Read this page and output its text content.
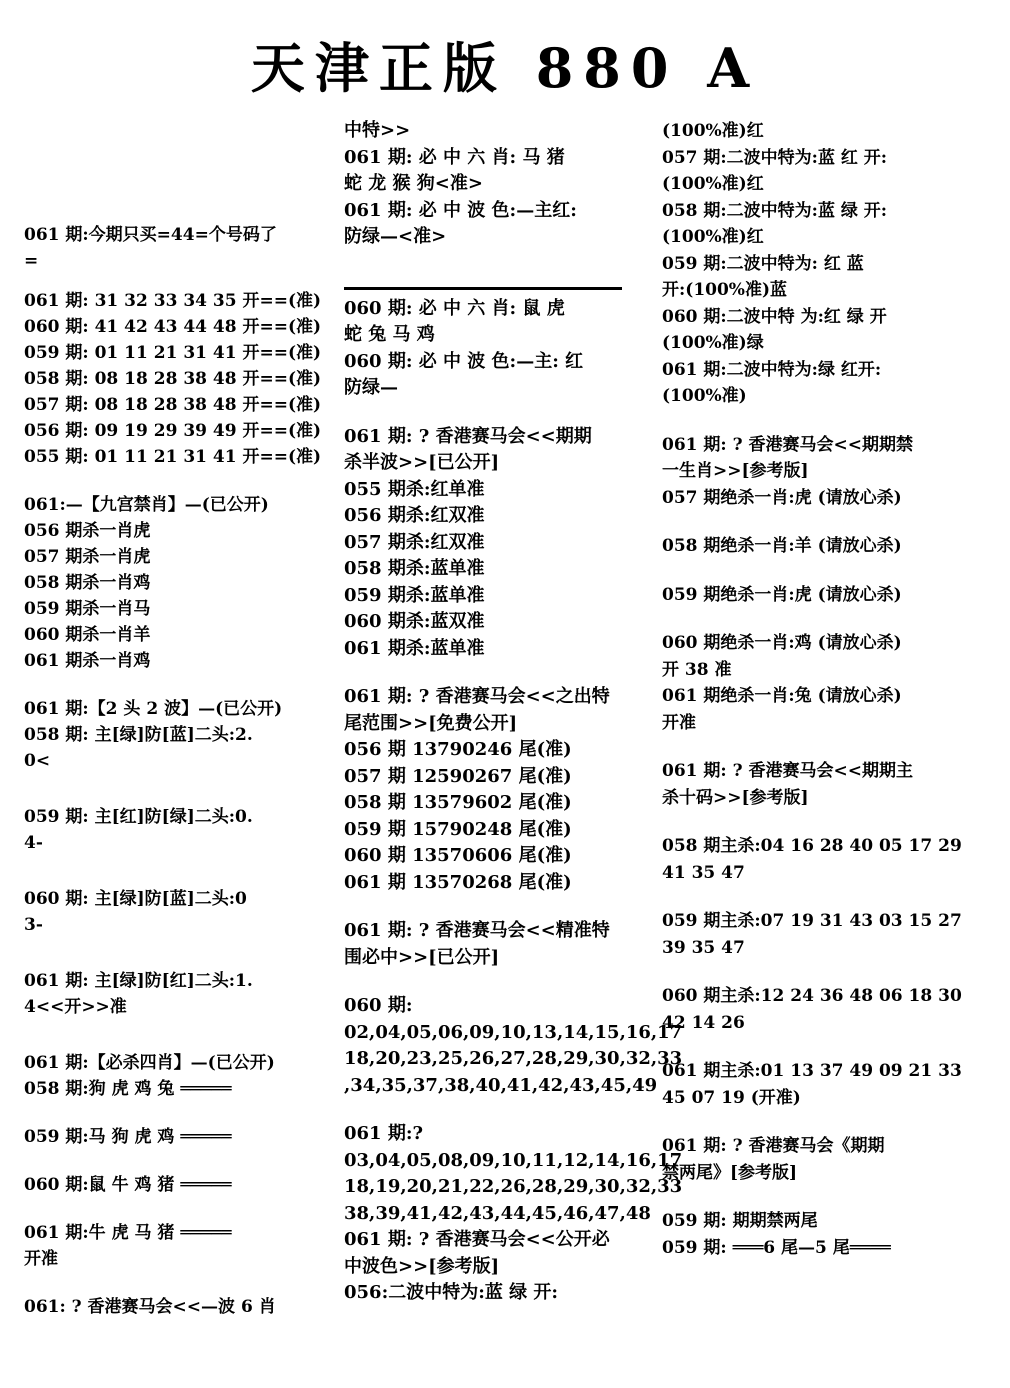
天津正版 880 A
061 期:今期只买=44=个号码了
=
061 期: 31 32 33 34 35 开==(准)
060 期: 41 42 43 44 48 开==(准)
059 期: 01 11 21 31 41 开==(准)
058 期: 08 18 28 38 48 开==(准)
057 期: 08 18 28 38 48 开==(准)
056 期: 09 19 29 39 49 开==(准)
055 期: 01 11 21 31 41 开==(准)
061:—【九宫禁肖】—(已公开)
056 期杀一肖虎
057 期杀一肖虎
058 期杀一肖鸡
059 期杀一肖马
060 期杀一肖羊
061 期杀一肖鸡
061 期:【2 头 2 波】—(已公开)
058 期: 主[绿]防[蓝]二头:2.
0<
059 期: 主[红]防[绿]二头:0.
4-
060 期: 主[绿]防[蓝]二头:0
3-
061 期: 主[绿]防[红]二头:1.
4<<开>>准
061 期:【必杀四肖】—(已公开)
058 期:狗 虎 鸡 兔 ═════
059 期:马 狗 虎 鸡 ═════
060 期:鼠 牛 鸡 猪 ═════
061 期:牛 虎 马 猪 ═════
开准
061: ? 香港赛马会<<—波 6 肖
中特>>
061 期: 必 中 六 肖: 马 猪
蛇 龙 猴 狗<准>
061 期: 必 中 波 色:—主红:
防绿—<准>
060 期: 必 中 六 肖: 鼠 虎
蛇 兔 马 鸡
060 期: 必 中 波 色:—主: 红
防绿—
061 期: ? 香港赛马会<<期期
杀半波>>[已公开]
055 期杀:红单准
056 期杀:红双准
057 期杀:红双准
058 期杀:蓝单准
059 期杀:蓝单准
060 期杀:蓝双准
061 期杀:蓝单准
061 期: ? 香港赛马会<<之出特
尾范围>>[免费公开]
056 期 13790246 尾(准)
057 期 12590267 尾(准)
058 期 13579602 尾(准)
059 期 15790248 尾(准)
060 期 13570606 尾(准)
061 期 13570268 尾(准)
061 期: ? 香港赛马会<<精准特
围必中>>[已公开]
060 期:
02,04,05,06,09,10,13,14,15,16,17
18,20,23,25,26,27,28,29,30,32,33
,34,35,37,38,40,41,42,43,45,49
061 期:?
03,04,05,08,09,10,11,12,14,16,17
18,19,20,21,22,26,28,29,30,32,33
38,39,41,42,43,44,45,46,47,48
061 期: ? 香港赛马会<<公开必
中波色>>[参考版]
056:二波中特为:蓝 绿 开:
(100%准)红
057 期:二波中特为:蓝 红 开:
(100%准)红
058 期:二波中特为:蓝 绿 开:
(100%准)红
059 期:二波中特为: 红 蓝
开:(100%准)蓝
060 期:二波中特 为:红 绿 开
(100%准)绿
061 期:二波中特为:绿 红开:
(100%准)
061 期: ? 香港赛马会<<期期禁
一生肖>>[参考版]
057 期绝杀一肖:虎 (请放心杀)
058 期绝杀一肖:羊 (请放心杀)
059 期绝杀一肖:虎 (请放心杀)
060 期绝杀一肖:鸡 (请放心杀)
开 38 准
061 期绝杀一肖:兔 (请放心杀)
开准
061 期: ? 香港赛马会<<期期主
杀十码>>[参考版]
058 期主杀:04 16 28 40 05 17 29
41 35 47
059 期主杀:07 19 31 43 03 15 27
39 35 47
060 期主杀:12 24 36 48 06 18 30
42 14 26
061 期主杀:01 13 37 49 09 21 33
45 07 19 (开准)
061 期: ? 香港赛马会《期期
禁两尾》[参考版]
059 期: 期期禁两尾
059 期: ═══6 尾—5 尾════
